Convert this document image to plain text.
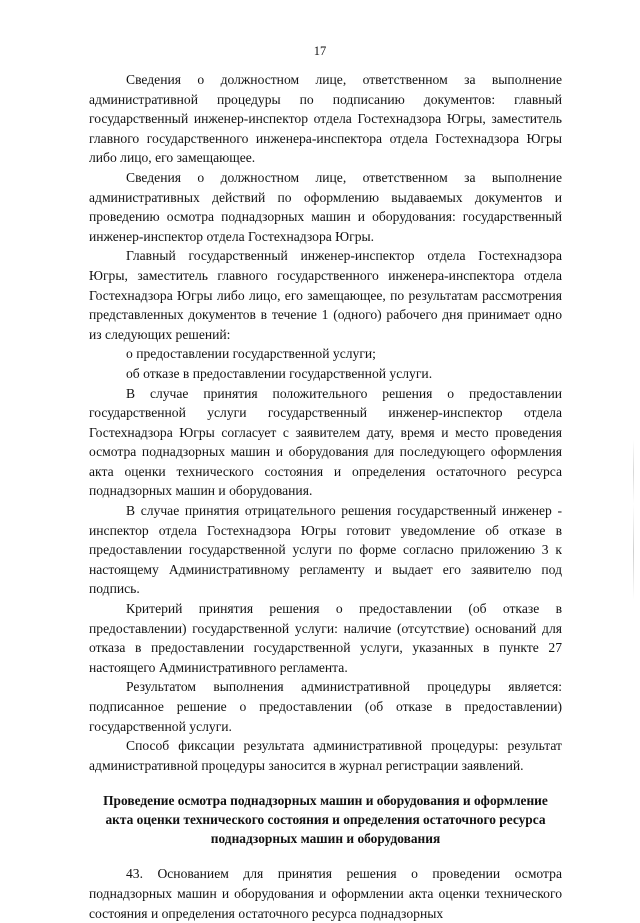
17

Сведения о должностном лице, ответственном за выполнение административной процедуры по подписанию документов: главный государственный инженер-инспектор отдела Гостехнадзора Югры, заместитель главного государственного инженера-инспектора отдела Гостехнадзора Югры либо лицо, его замещающее.

Сведения о должностном лице, ответственном за выполнение административных действий по оформлению выдаваемых документов и проведению осмотра поднадзорных машин и оборудования: государственный инженер-инспектор отдела Гостехнадзора Югры.

Главный государственный инженер-инспектор отдела Гостехнадзора Югры, заместитель главного государственного инженера-инспектора отдела Гостехнадзора Югры либо лицо, его замещающее, по результатам рассмотрения представленных документов в течение 1 (одного) рабочего дня принимает одно из следующих решений:

о предоставлении государственной услуги;

об отказе в предоставлении государственной услуги.

В случае принятия положительного решения о предоставлении государственной услуги государственный инженер-инспектор отдела Гостехнадзора Югры согласует с заявителем дату, время и место проведения осмотра поднадзорных машин и оборудования для последующего оформления акта оценки технического состояния и определения остаточного ресурса поднадзорных машин и оборудования.

В случае принятия отрицательного решения государственный инженер - инспектор отдела Гостехнадзора Югры готовит уведомление об отказе в предоставлении государственной услуги по форме согласно приложению 3 к настоящему Административному регламенту и выдает его заявителю под подпись.

Критерий принятия решения о предоставлении (об отказе в предоставлении) государственной услуги: наличие (отсутствие) оснований для отказа в предоставлении государственной услуги, указанных в пункте 27 настоящего Административного регламента.

Результатом выполнения административной процедуры является: подписанное решение о предоставлении (об отказе в предоставлении) государственной услуги.

Способ фиксации результата административной процедуры: результат административной процедуры заносится в журнал регистрации заявлений.

Проведение осмотра поднадзорных машин и оборудования и оформление акта оценки технического состояния и определения остаточного ресурса поднадзорных машин и оборудования

43. Основанием для принятия решения о проведении осмотра поднадзорных машин и оборудования и оформлении акта оценки технического состояния и определения остаточного ресурса поднадзорных
